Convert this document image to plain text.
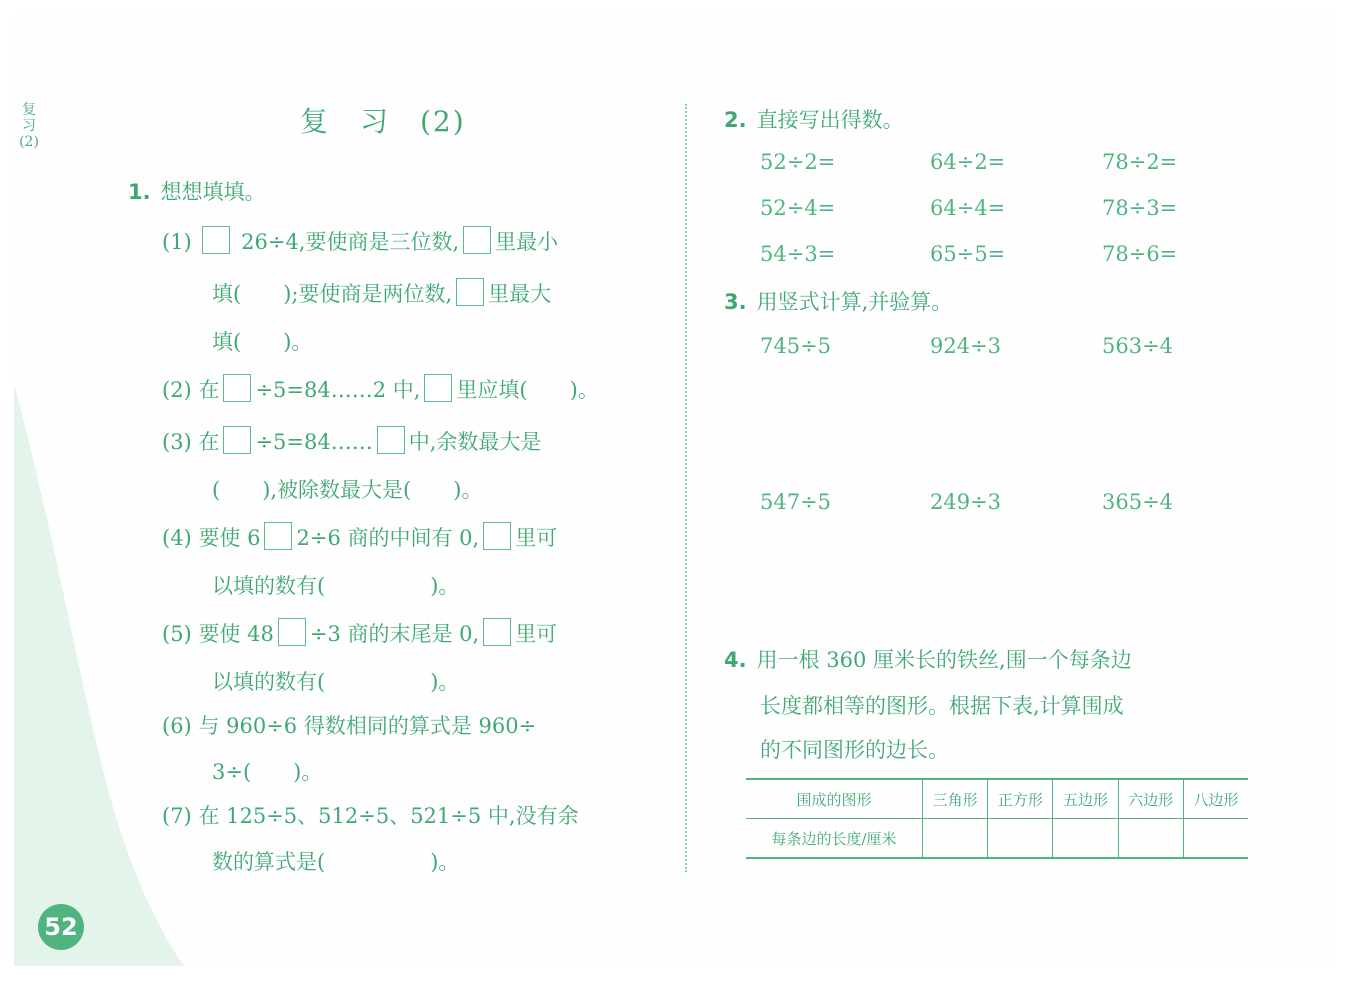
复习(2)
复　习　(2)
1. 想想填填。
(1) 26÷4,要使商是三位数, 里最小
填(　　);要使商是两位数, 里最大
填(　　)。
(2) 在 ÷5=84……2 中, 里应填(　　)。
(3) 在 ÷5=84…… 中,余数最大是
(　　),被除数最大是(　　)。
(4) 要使 6 2÷6 商的中间有 0, 里可
以填的数有(　　　　　)。
(5) 要使 48 ÷3 商的末尾是 0, 里可
以填的数有(　　　　　)。
(6) 与 960÷6 得数相同的算式是 960÷
3÷(　　)。
(7) 在 125÷5、512÷5、521÷5 中,没有余
数的算式是(　　　　　)。
2. 直接写出得数。
52÷2=	64÷2=	78÷2=
52÷4=	64÷4=	78÷3=
54÷3=	65÷5=	78÷6=
3. 用竖式计算,并验算。
745÷5	924÷3	563÷4
547÷5	249÷3	365÷4
4. 用一根 360 厘米长的铁丝,围一个每条边
长度都相等的图形。根据下表,计算围成
的不同图形的边长。
围成的图形	三角形	正方形	五边形	六边形	八边形
每条边的长度/厘米					
52
